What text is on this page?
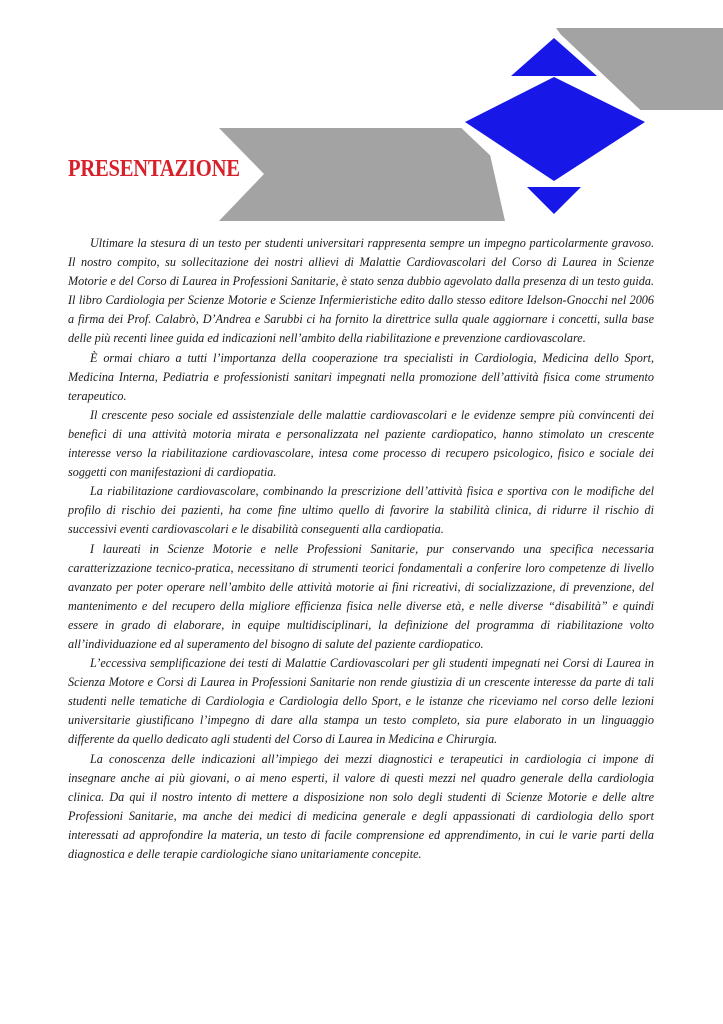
PRESENTAZIONE

Ultimare la stesura di un testo per studenti universitari rappresenta sempre un impegno particolarmente gravoso. Il nostro compito, su sollecitazione dei nostri allievi di Malattie Cardiovascolari del Corso di Laurea in Scienze Motorie e del Corso di Laurea in Professioni Sanitarie, è stato senza dubbio agevolato dalla presenza di un testo guida. Il libro Cardiologia per Scienze Motorie e Scienze Infermieristiche edito dallo stesso editore Idelson-Gnocchi nel 2006 a firma dei Prof. Calabrò, D’Andrea e Sarubbi ci ha fornito la direttrice sulla quale aggiornare i concetti, sulla base delle più recenti linee guida ed indicazioni nell’ambito della riabilitazione e prevenzione cardiovascolare.

È ormai chiaro a tutti l’importanza della cooperazione tra specialisti in Cardiologia, Medicina dello Sport, Medicina Interna, Pediatria e professionisti sanitari impegnati nella promozione dell’attività fisica come strumento terapeutico.

Il crescente peso sociale ed assistenziale delle malattie cardiovascolari e le evidenze sempre più convincenti dei benefici di una attività motoria mirata e personalizzata nel paziente cardiopatico, hanno stimolato un crescente interesse verso la riabilitazione cardiovascolare, intesa come processo di recupero psicologico, fisico e sociale dei soggetti con manifestazioni di cardiopatia.

La riabilitazione cardiovascolare, combinando la prescrizione dell’attività fisica e sportiva con le modifiche del profilo di rischio dei pazienti, ha come fine ultimo quello di favorire la stabilità clinica, di ridurre il rischio di successivi eventi cardiovascolari e le disabilità conseguenti alla cardiopatia.

I laureati in Scienze Motorie e nelle Professioni Sanitarie, pur conservando una specifica necessaria caratterizzazione tecnico-pratica, necessitano di strumenti teorici fondamentali a conferire loro competenze di livello avanzato per poter operare nell’ambito delle attività motorie ai fini ricreativi, di socializzazione, di prevenzione, del mantenimento e del recupero della migliore efficienza fisica nelle diverse età, e nelle diverse “disabilità” e quindi essere in grado di elaborare, in equipe multidisciplinari, la definizione del programma di riabilitazione volto all’individuazione ed al superamento del bisogno di salute del paziente cardiopatico.

L’eccessiva semplificazione dei testi di Malattie Cardiovascolari per gli studenti impegnati nei Corsi di Laurea in Scienza Motore e Corsi di Laurea in Professioni Sanitarie non rende giustizia di un crescente interesse da parte di tali studenti nelle tematiche di Cardiologia e Cardiologia dello Sport, e le istanze che riceviamo nel corso delle lezioni universitarie giustificano l’impegno di dare alla stampa un testo completo, sia pure elaborato in un linguaggio differente da quello dedicato agli studenti del Corso di Laurea in Medicina e Chirurgia.

La conoscenza delle indicazioni all’impiego dei mezzi diagnostici e terapeutici in cardiologia ci impone di insegnare anche ai più giovani, o ai meno esperti, il valore di questi mezzi nel quadro generale della cardiologia clinica. Da qui il nostro intento di mettere a disposizione non solo degli studenti di Scienze Motorie e delle altre Professioni Sanitarie, ma anche dei medici di medicina generale e degli appassionati di cardiologia dello sport interessati ad approfondire la materia, un testo di facile comprensione ed apprendimento, in cui le varie parti della diagnostica e delle terapie cardiologiche siano unitariamente concepite.
